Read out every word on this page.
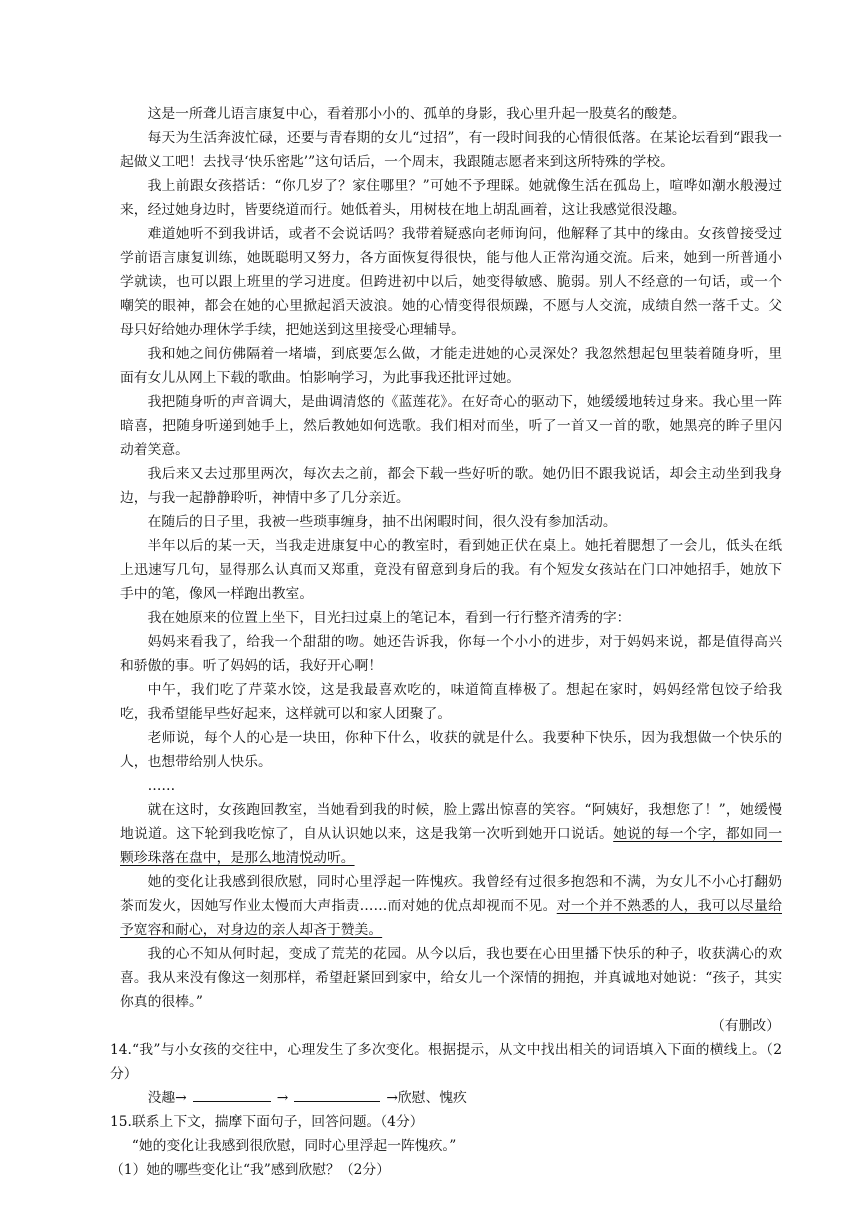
这是一所聋儿语言康复中心，看着那小小的、孤单的身影，我心里升起一股莫名的酸楚。

每天为生活奔波忙碌，还要与青春期的女儿“过招”，有一段时间我的心情很低落。在某论坛看到“跟我一起做义工吧！去找寻‘快乐密匙’”这句话后，一个周末，我跟随志愿者来到这所特殊的学校。

我上前跟女孩搭话：“你几岁了？家住哪里？”可她不予理睬。她就像生活在孤岛上，喧哗如潮水般漫过来，经过她身边时，皆要绕道而行。她低着头，用树枝在地上胡乱画着，这让我感觉很没趣。

难道她听不到我讲话，或者不会说话吗？我带着疑惑向老师询问，他解释了其中的缘由。女孩曾接受过学前语言康复训练，她既聪明又努力，各方面恢复得很快，能与他人正常沟通交流。后来，她到一所普通小学就读，也可以跟上班里的学习进度。但跨进初中以后，她变得敏感、脆弱。别人不经意的一句话，或一个嘲笑的眼神，都会在她的心里掀起滔天波浪。她的心情变得很烦躁，不愿与人交流，成绩自然一落千丈。父母只好给她办理休学手续，把她送到这里接受心理辅导。

我和她之间仿佛隔着一堵墙，到底要怎么做，才能走进她的心灵深处？我忽然想起包里装着随身听，里面有女儿从网上下载的歌曲。怕影响学习，为此事我还批评过她。

我把随身听的声音调大，是曲调清悠的《蓝莲花》。在好奇心的驱动下，她缓缓地转过身来。我心里一阵暗喜，把随身听递到她手上，然后教她如何选歌。我们相对而坐，听了一首又一首的歌，她黑亮的眸子里闪动着笑意。

我后来又去过那里两次，每次去之前，都会下载一些好听的歌。她仍旧不跟我说话，却会主动坐到我身边，与我一起静静聆听，神情中多了几分亲近。

在随后的日子里，我被一些琐事缠身，抽不出闲暇时间，很久没有参加活动。

半年以后的某一天，当我走进康复中心的教室时，看到她正伏在桌上。她托着腮想了一会儿，低头在纸上迅速写几句，显得那么认真而又郑重，竟没有留意到身后的我。有个短发女孩站在门口冲她招手，她放下手中的笔，像风一样跑出教室。

我在她原来的位置上坐下，目光扫过桌上的笔记本，看到一行行整齐清秀的字：

妈妈来看我了，给我一个甜甜的吻。她还告诉我，你每一个小小的进步，对于妈妈来说，都是值得高兴和骄傲的事。听了妈妈的话，我好开心啊！

中午，我们吃了芹菜水饺，这是我最喜欢吃的，味道简直棒极了。想起在家时，妈妈经常包饺子给我吃，我希望能早些好起来，这样就可以和家人团聚了。

老师说，每个人的心是一块田，你种下什么，收获的就是什么。我要种下快乐，因为我想做一个快乐的人，也想带给别人快乐。

……

就在这时，女孩跑回教室，当她看到我的时候，脸上露出惊喜的笑容。“阿姨好，我想您了！”，她缓慢地说道。这下轮到我吃惊了，自从认识她以来，这是我第一次听到她开口说话。她说的每一个字，都如同一颗珍珠落在盘中，是那么地清悦动听。

她的变化让我感到很欣慰，同时心里浮起一阵愧疚。我曾经有过很多抱怨和不满，为女儿不小心打翻奶茶而发火，因她写作业太慢而大声指责……而对她的优点却视而不见。对一个并不熟悉的人，我可以尽量给予宽容和耐心，对身边的亲人却吝于赞美。

我的心不知从何时起，变成了荒芜的花园。从今以后，我也要在心田里播下快乐的种子，收获满心的欢喜。我从来没有像这一刻那样，希望赶紧回到家中，给女儿一个深情的拥抱，并真诚地对她说：“孩子，其实你真的很棒。”

（有删改）

14.“我”与小女孩的交往中，心理发生了多次变化。根据提示，从文中找出相关的词语填入下面的横线上。（2分）

没趣→	→	→欣慰、愧疚

15.联系上下文，揣摩下面句子，回答问题。（4分）

“她的变化让我感到很欣慰，同时心里浮起一阵愧疚。”

（1）她的哪些变化让“我”感到欣慰？（2分）
